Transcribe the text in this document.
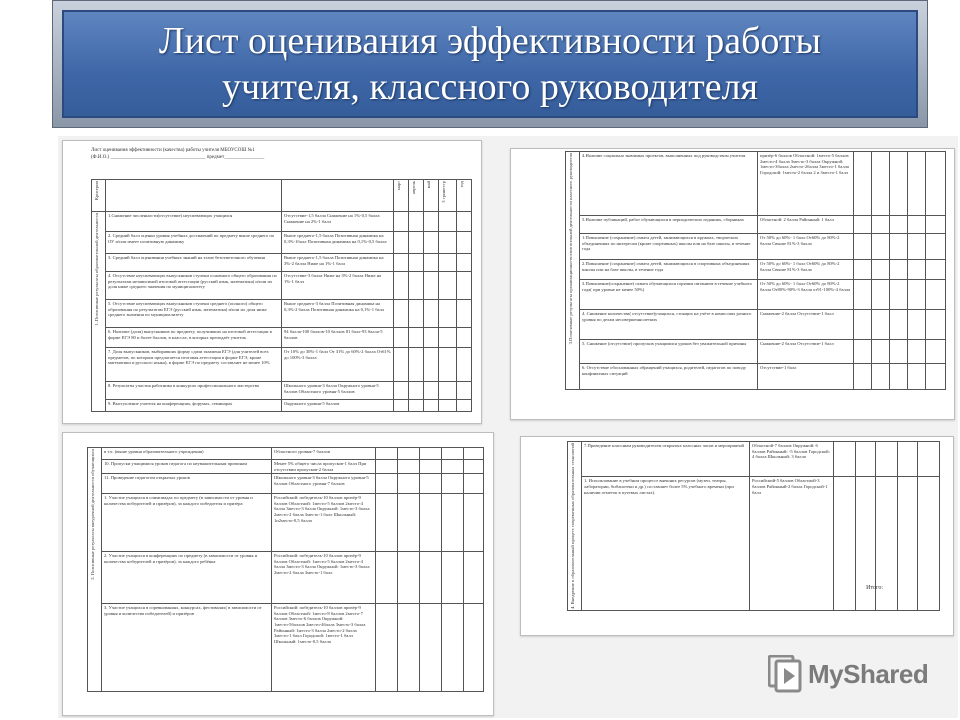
Лист оценивания эффективности работы
учителя, классного руководителя
Лист оценивания эффективности (качества) работы учителя МБОУСОШ №1
(Ф.И.О.) ______________________________________ предмет________________
Критерии			март	апрель	май	3 триместр	год

1. Позитивные результаты образовательной деятельности	1.Снижение численности(отсутствие) неуспевающих учащихся	Отсутствие-1,5 балла Снижение на 1%-0,5 балла Снижение на 2%-1 балл					
	2. Средний балл оценки уровня учебных достижений по предмету выше среднего по ОУ и/или имеет позитивную динамику	Выше среднего-1,5 балла Позитивная динамика на 0,3%-1балл Позитивная динамика на 0,1%-0,5 балла					
	3. Средний балл оценивания учебных знаний на этапе безотметочного обучения	Выше среднего-1,5 балла Позитивная динамика на 3%-2 балла Ниже на 1%-1 балл					
	4. Отсутствие неуспевающих выпускников ступени основного общего образования по результатам независимой итоговой аттестации (русский язык, математика) и/или их доля ниже среднего значения по муниципалитету	Отсутствие-3 балла Ниже на 3%-2 балла Ниже на 1%-1 балл					
	5. Отсутствие неуспевающих выпускников ступени среднего (полного) общего образования по результатам ЕГЭ (русский язык, математика) и/или их доля ниже среднего значения по муниципалитету	Выше среднего-3 балла Позитивная динамика на 0,3%-2 балла Позитивная динамика на 0,1%-1 балл					
	6. Наличие (доля) выпускников по предмету, получивших на итоговой аттестации в форме ЕГЭ 80 и более баллов, в классах, в которых преподаёт учитель	94 балла-100 баллов-10 баллов 81 балл-93 балла-5 баллов					
	7. Доля выпускников, выбиравших форму сдачи экзамена ЕГЭ (для учителей всех предметов, по которым предлагается итоговая аттестация в форме ЕГЭ, кроме математики и русского языка), в форме ЕГЭ по предмету составляет не менее 10%	От 10% до 30%-1 балл От 31% до 60%-2 балла От61% до 100%-3 балла					
	8. Результаты участия работника в конкурсах профессионального мастерства	Школьного уровня-3 балла Окружного уровня-5 баллов Областного уровня-5 баллов					
	9. Выступление учителя на конференциях, форумах, семинарах	Окружного уровня-5 баллов					
3.Позитивные результаты организационно-воспитательной деятельности классного руководителя	4.Наличие социально значимых проектов, выполненных под руководством учителя	призёр-6 баллов Областной: 1место-5 баллов 2место-4 балла 3место-3 балла Окружной: 1место-3балла 2место-2балла 3место-1 балла Городской: 1место-2 балла 2 и 3место-1 балл					
	5.Наличие публикаций, работ обучающихся в периодических изданиях, сборниках	Областной: 2 балла Районный: 1 балл					
	1.Повышение (сохранение) охвата детей, занимающихся в кружках, творческих объединениях по интересам (кроме спортивных) школы или на базе школы, в течение года	От 50% до 60%- 1 балл От60% до 80%-2 балла Свыше 81%-3 балла					
	2.Повышение (сохранение) охвата детей, занимающихся в спортивных объединениях школы или на базе школы, в течение года	От 50% до 60%- 1 балл От60% до 80%-2 балла Свыше 81%-3 балла					
	3.Повышение(сохранение) охвата обучающихся горячим питанием в течение учебного года( при уровне не менее 50%)	От 50% до 60%- 1 балл От60% до 80%-2 балла От80%-90%-3 балла от91-100%-4 балла					
	4. Снижение количества( отсутствие)учащихся, стоящих на учёте в комиссиях разного уровня по делам несовершеннолетних	Снижение-2 балла Отсутствие-1 балл					
	5. Снижение (отсутствие) пропусков учащимися уроков без уважительной причины	Снижение-2 балла Отсутствие-1 балл					
	6. Отсутствие обоснованных обращений учащихся, родителей, педагогов по поводу конфликтных ситуаций	Отсутствие-1 балл					
2. Позитивные результаты внеурочной деятельности обучающихся	в т.ч. (выше уровня образовательного учреждения)	Областного уровня-7 баллов					
	10. Пропуски учащимися уроков педагога по неуважительным причинам	Менее 5% общего числа пропусков-1 балл При отсутствии пропусков-2 балла					
	11. Проведение педагогом открытых уроков	Школьного уровня-3 балла Окружного уровня-5 баллов Областного уровня-7 баллов					
	1. Участие учащихся в олимпиадах по предмету (в зависимости от уровня и количества победителей и призёров), за каждого победителя и призёра	Российский: победитель-10 баллов призёр-9 баллов Областной: 1место-5 баллов 2место-4 балла 3место-3 балла Окружной: 1место-3 балла 2место-2 балла 3место-1 балл Школьный: 1и2место-0,5 балла					
	2. Участие учащихся в конференциях по предмету (в зависимости от уровня и количества победителей и призёров), за каждого ребёнка	Российский: победитель-10 баллов призёр-9 баллов Областной: 1место-5 баллов 2место-4 балла 3место-3 балла Окружной: 1место-3 балла 2место-2 балла 3место-1 балл					
	3. Участие учащихся в соревнованиях, конкурсах, фестивалях( в зависимости от уровня и количества победителей) и призёров	Российский: победитель-10 баллов призёр-9 баллов Областной: 1место-8 баллов 2место-7 баллов 3место-6 баллов Окружной: 1место-5баллов 2место-4балла 3место-3 балла Районный: 1место-3 балла 2место-2 балла 3место-1 балл Городской: 1место-1 балл Школьный: 1место-0,5 балла					
4. Внедрение в образовательный процесс современных образовательных технологий	7.Проведение классным руководителем открытых классных часов и мероприятий	Областной-7 баллов Окружной: 6 баллов Районный: -5 баллов Городской: 4 балла Школьный: 3 балла					
	1. Использование в учебном процессе внешних ресурсов (музеи, театры, лаборатории, библиотеки и др.) составляет более 5% учебного времени (при наличии отметок в путевых листах).	Российский-5 баллов Областной-3 баллов Районный-2 балла Городской-1 балл					
Итого:
MyShared
